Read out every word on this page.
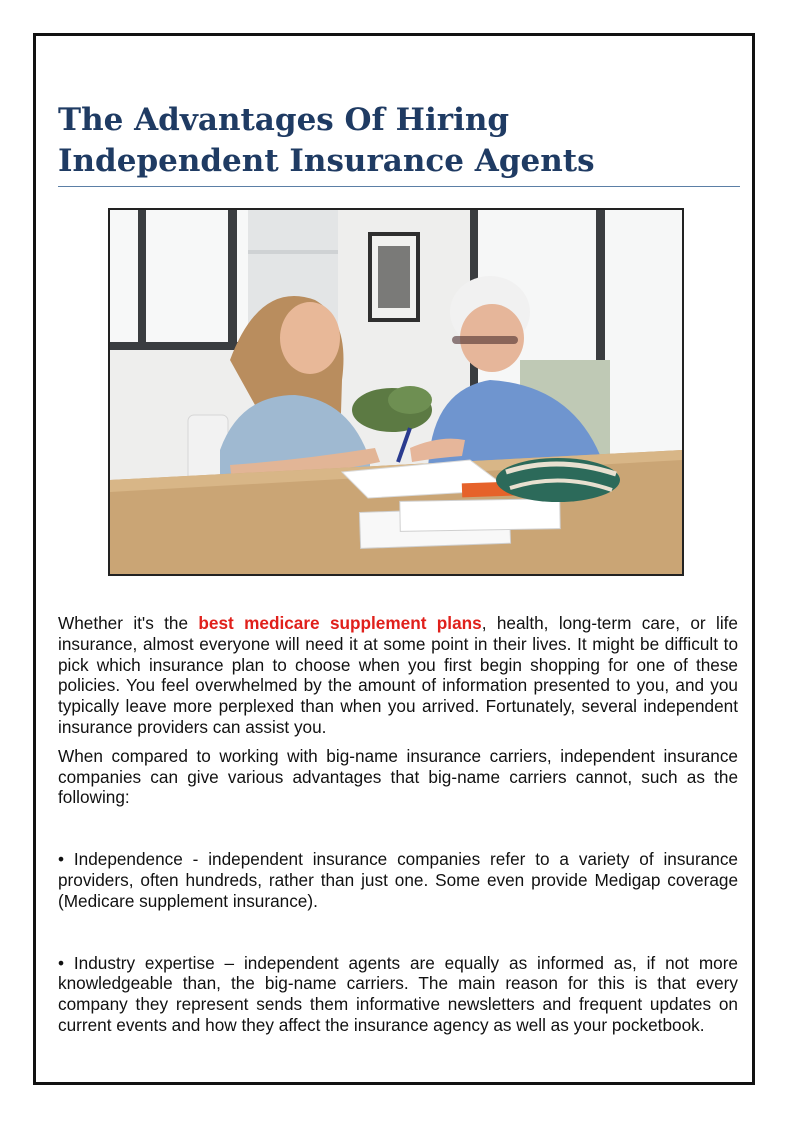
The Advantages Of Hiring Independent Insurance Agents

Whether it's the best medicare supplement plans, health, long-term care, or life insurance, almost everyone will need it at some point in their lives. It might be difficult to pick which insurance plan to choose when you first begin shopping for one of these policies. You feel overwhelmed by the amount of information presented to you, and you typically leave more perplexed than when you arrived. Fortunately, several independent insurance providers can assist you.

When compared to working with big-name insurance carriers, independent insurance companies can give various advantages that big-name carriers cannot, such as the following:

• Independence - independent insurance companies refer to a variety of insurance providers, often hundreds, rather than just one. Some even provide Medigap coverage (Medicare supplement insurance).

• Industry expertise – independent agents are equally as informed as, if not more knowledgeable than, the big-name carriers. The main reason for this is that every company they represent sends them informative newsletters and frequent updates on current events and how they affect the insurance agency as well as your pocketbook.
